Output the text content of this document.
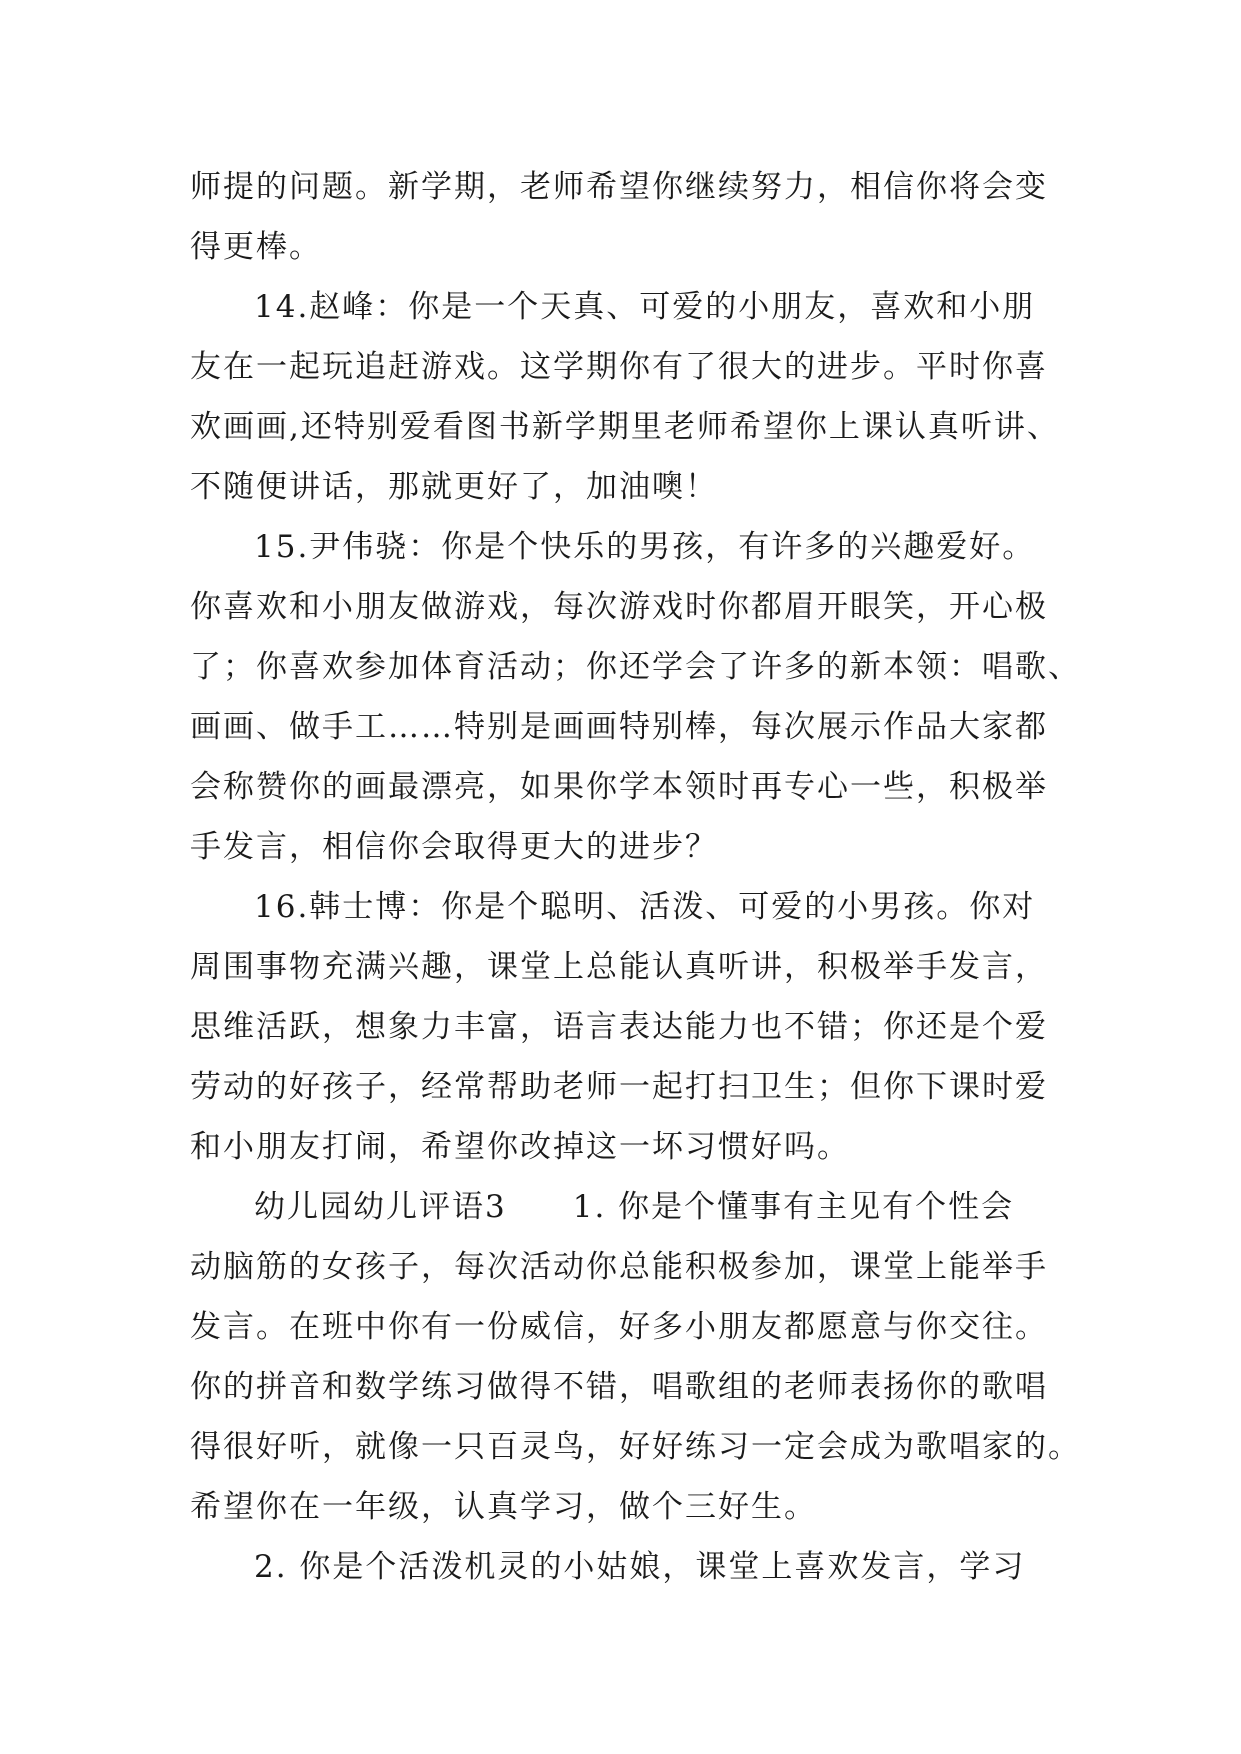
师提的问题。新学期，老师希望你继续努力，相信你将会变
得更棒。
14.赵峰：你是一个天真、可爱的小朋友，喜欢和小朋
友在一起玩追赶游戏。这学期你有了很大的进步。平时你喜
欢画画,还特别爱看图书新学期里老师希望你上课认真听讲、
不随便讲话，那就更好了，加油噢！
15.尹伟骁：你是个快乐的男孩，有许多的兴趣爱好。
你喜欢和小朋友做游戏，每次游戏时你都眉开眼笑，开心极
了；你喜欢参加体育活动；你还学会了许多的新本领：唱歌、
画画、做手工……特别是画画特别棒，每次展示作品大家都
会称赞你的画最漂亮，如果你学本领时再专心一些，积极举
手发言，相信你会取得更大的进步？
16.韩士博：你是个聪明、活泼、可爱的小男孩。你对
周围事物充满兴趣，课堂上总能认真听讲，积极举手发言，
思维活跃，想象力丰富，语言表达能力也不错；你还是个爱
劳动的好孩子，经常帮助老师一起打扫卫生；但你下课时爱
和小朋友打闹，希望你改掉这一坏习惯好吗。
幼儿园幼儿评语3　　1. 你是个懂事有主见有个性会
动脑筋的女孩子，每次活动你总能积极参加，课堂上能举手
发言。在班中你有一份威信，好多小朋友都愿意与你交往。
你的拼音和数学练习做得不错，唱歌组的老师表扬你的歌唱
得很好听，就像一只百灵鸟，好好练习一定会成为歌唱家的。
希望你在一年级，认真学习，做个三好生。
2. 你是个活泼机灵的小姑娘，课堂上喜欢发言，学习
